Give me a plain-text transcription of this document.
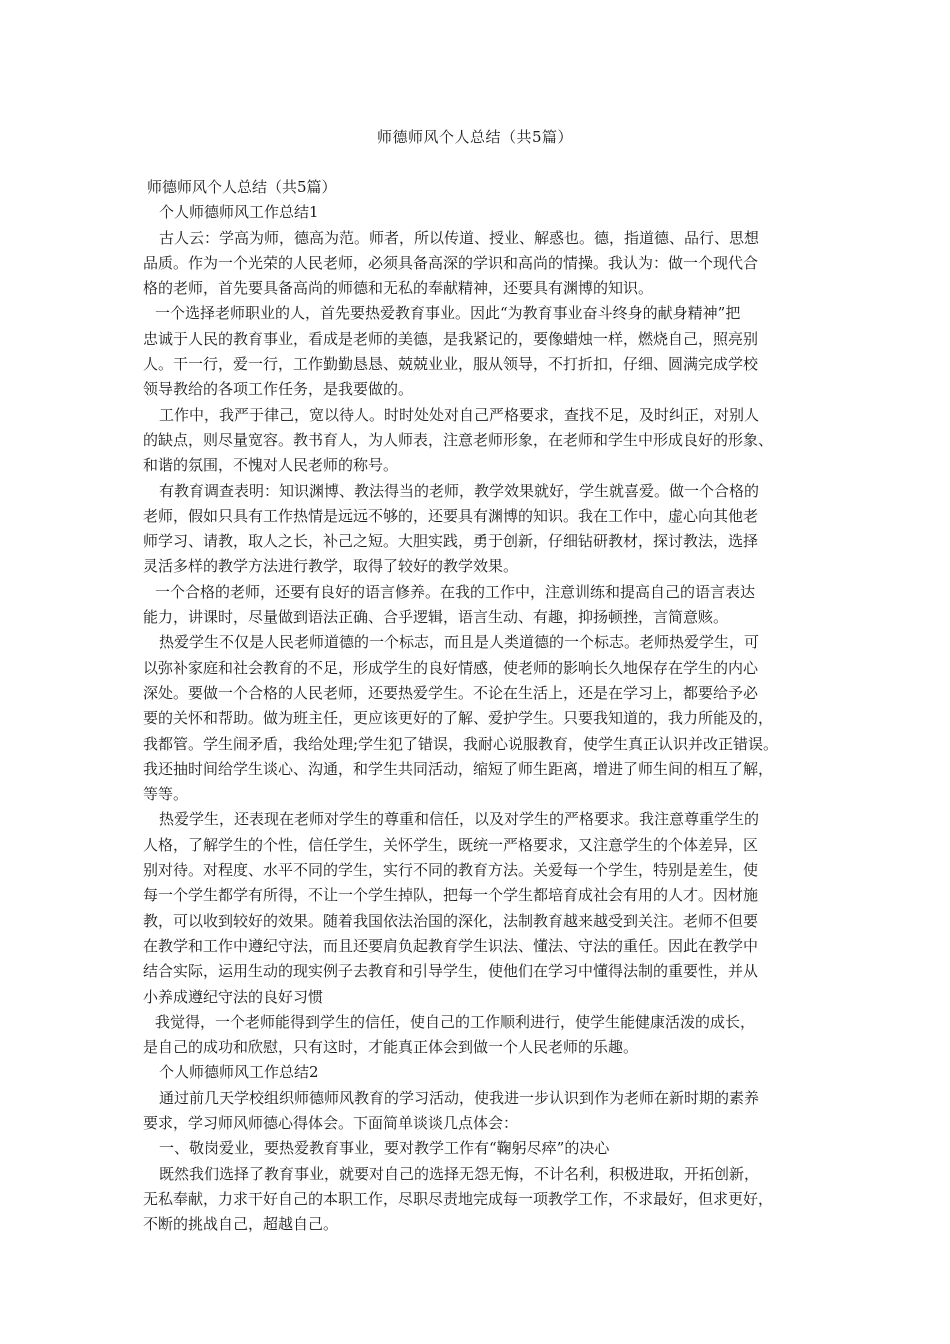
师德师风个人总结（共5篇）
师德师风个人总结（共5篇）
个人师德师风工作总结1
古人云：学高为师，德高为范。师者，所以传道、授业、解惑也。德，指道德、品行、思想
品质。作为一个光荣的人民老师，必须具备高深的学识和高尚的情操。我认为：做一个现代合
格的老师，首先要具备高尚的师德和无私的奉献精神，还要具有渊博的知识。
一个选择老师职业的人，首先要热爱教育事业。因此“为教育事业奋斗终身的献身精神”把
忠诚于人民的教育事业，看成是老师的美德，是我紧记的，要像蜡烛一样，燃烧自己，照亮别
人。干一行，爱一行，工作勤勤恳恳、兢兢业业，服从领导，不打折扣，仔细、圆满完成学校
领导教给的各项工作任务，是我要做的。
工作中，我严于律己，宽以待人。时时处处对自己严格要求，查找不足，及时纠正，对别人
的缺点，则尽量宽容。教书育人，为人师表，注意老师形象，在老师和学生中形成良好的形象、
和谐的氛围，不愧对人民老师的称号。
有教育调查表明：知识渊博、教法得当的老师，教学效果就好，学生就喜爱。做一个合格的
老师，假如只具有工作热情是远远不够的，还要具有渊博的知识。我在工作中，虚心向其他老
师学习、请教，取人之长，补己之短。大胆实践，勇于创新，仔细钻研教材，探讨教法，选择
灵活多样的教学方法进行教学，取得了较好的教学效果。
一个合格的老师，还要有良好的语言修养。在我的工作中，注意训练和提高自己的语言表达
能力，讲课时，尽量做到语法正确、合乎逻辑，语言生动、有趣，抑扬顿挫，言简意赅。
热爱学生不仅是人民老师道德的一个标志，而且是人类道德的一个标志。老师热爱学生，可
以弥补家庭和社会教育的不足，形成学生的良好情感，使老师的影响长久地保存在学生的内心
深处。要做一个合格的人民老师，还要热爱学生。不论在生活上，还是在学习上，都要给予必
要的关怀和帮助。做为班主任，更应该更好的了解、爱护学生。只要我知道的，我力所能及的，
我都管。学生闹矛盾，我给处理;学生犯了错误，我耐心说服教育，使学生真正认识并改正错误。
我还抽时间给学生谈心、沟通，和学生共同活动，缩短了师生距离，增进了师生间的相互了解，
等等。
热爱学生，还表现在老师对学生的尊重和信任，以及对学生的严格要求。我注意尊重学生的
人格，了解学生的个性，信任学生，关怀学生，既统一严格要求，又注意学生的个体差异，区
别对待。对程度、水平不同的学生，实行不同的教育方法。关爱每一个学生，特别是差生，使
每一个学生都学有所得，不让一个学生掉队，把每一个学生都培育成社会有用的人才。因材施
教，可以收到较好的效果。随着我国依法治国的深化，法制教育越来越受到关注。老师不但要
在教学和工作中遵纪守法，而且还要肩负起教育学生识法、懂法、守法的重任。因此在教学中
结合实际，运用生动的现实例子去教育和引导学生，使他们在学习中懂得法制的重要性，并从
小养成遵纪守法的良好习惯
我觉得，一个老师能得到学生的信任，使自己的工作顺利进行，使学生能健康活泼的成长，
是自己的成功和欣慰，只有这时，才能真正体会到做一个人民老师的乐趣。
个人师德师风工作总结2
通过前几天学校组织师德师风教育的学习活动，使我进一步认识到作为老师在新时期的素养
要求，学习师风师德心得体会。下面简单谈谈几点体会：
一、敬岗爱业，要热爱教育事业，要对教学工作有“鞠躬尽瘁”的决心
既然我们选择了教育事业，就要对自己的选择无怨无悔，不计名利，积极进取，开拓创新，
无私奉献，力求干好自己的本职工作，尽职尽责地完成每一项教学工作，不求最好，但求更好，
不断的挑战自己，超越自己。
